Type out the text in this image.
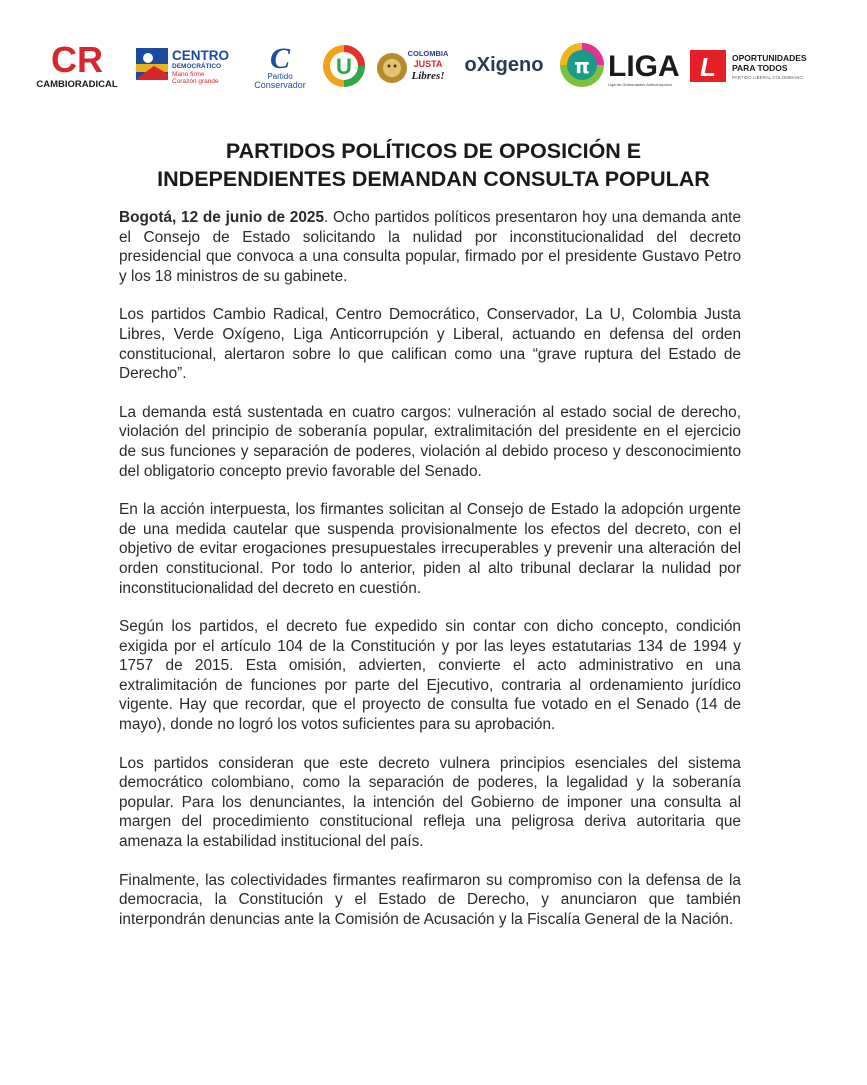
CR
CAMBIORADICAL
CENTRO
DEMOCRÁTICO
Mano firme
Corazón grande
C
Partido
Conservador
U
COLOMBIA
JUSTA
Libres! oXigeno π LIGA
Liga de Gobernantes Anticorrupción
L OPORTUNIDADES
PARA TODOS
PARTIDO LIBERAL COLOMBIANO
PARTIDOS POLÍTICOS DE OPOSICIÓN E
INDEPENDIENTES DEMANDAN CONSULTA POPULAR

Bogotá, 12 de junio de 2025. Ocho partidos políticos presentaron hoy una demanda ante el Consejo de Estado solicitando la nulidad por inconstitucionalidad del decreto presidencial que convoca a una consulta popular, firmado por el presidente Gustavo Petro y los 18 ministros de su gabinete.

Los partidos Cambio Radical, Centro Democrático, Conservador, La U, Colombia Justa Libres, Verde Oxígeno, Liga Anticorrupción y Liberal, actuando en defensa del orden constitucional, alertaron sobre lo que califican como una “grave ruptura del Estado de Derecho”.

La demanda está sustentada en cuatro cargos: vulneración al estado social de derecho, violación del principio de soberanía popular, extralimitación del presidente en el ejercicio de sus funciones y separación de poderes, violación al debido proceso y desconocimiento del obligatorio concepto previo favorable del Senado.

En la acción interpuesta, los firmantes solicitan al Consejo de Estado la adopción urgente de una medida cautelar que suspenda provisionalmente los efectos del decreto, con el objetivo de evitar erogaciones presupuestales irrecuperables y prevenir una alteración del orden constitucional. Por todo lo anterior, piden al alto tribunal declarar la nulidad por inconstitucionalidad del decreto en cuestión.

Según los partidos, el decreto fue expedido sin contar con dicho concepto, condición exigida por el artículo 104 de la Constitución y por las leyes estatutarias 134 de 1994 y 1757 de 2015. Esta omisión, advierten, convierte el acto administrativo en una extralimitación de funciones por parte del Ejecutivo, contraria al ordenamiento jurídico vigente. Hay que recordar, que el proyecto de consulta fue votado en el Senado (14 de mayo), donde no logró los votos suficientes para su aprobación.

Los partidos consideran que este decreto vulnera principios esenciales del sistema democrático colombiano, como la separación de poderes, la legalidad y la soberanía popular. Para los denunciantes, la intención del Gobierno de imponer una consulta al margen del procedimiento constitucional refleja una peligrosa deriva autoritaria que amenaza la estabilidad institucional del país.

Finalmente, las colectividades firmantes reafirmaron su compromiso con la defensa de la democracia, la Constitución y el Estado de Derecho, y anunciaron que también interpondrán denuncias ante la Comisión de Acusación y la Fiscalía General de la Nación.
